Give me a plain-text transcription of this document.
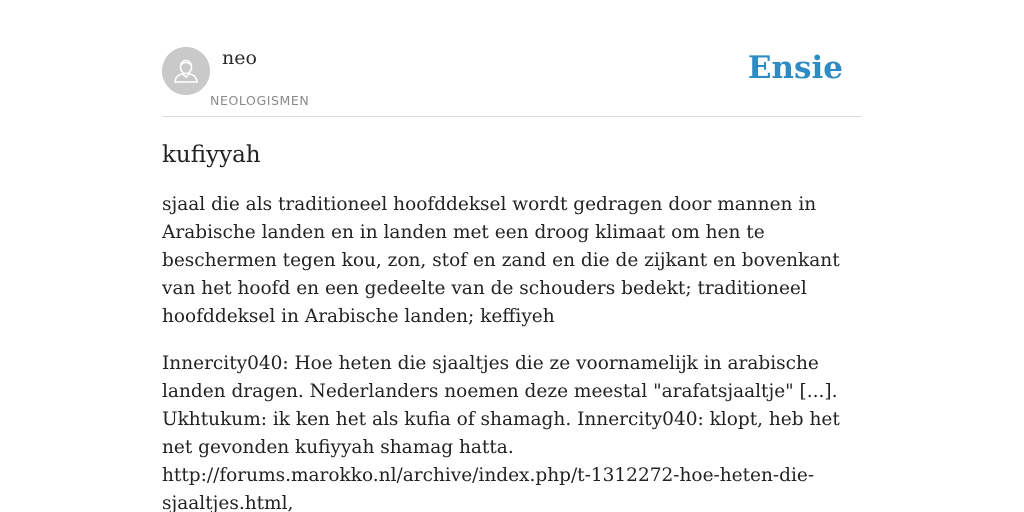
neo
NEOLOGISMEN
Ensie
kufiyyah

sjaal die als traditioneel hoofddeksel wordt gedragen door mannen in Arabische landen en in landen met een droog klimaat om hen te beschermen tegen kou, zon, stof en zand en die de zijkant en bovenkant van het hoofd en een gedeelte van de schouders bedekt; traditioneel hoofddeksel in Arabische landen; keffiyeh

Innercity040: Hoe heten die sjaaltjes die ze voornamelijk in arabische landen dragen. Nederlanders noemen deze meestal "arafatsjaaltje" [...]. Ukhtukum: ik ken het als kufia of shamagh. Innercity040: klopt, heb het net gevonden kufiyyah shamag hatta.
http://forums.marokko.nl/archive/index.php/t-1312272-hoe-heten-die-sjaaltjes.html,
